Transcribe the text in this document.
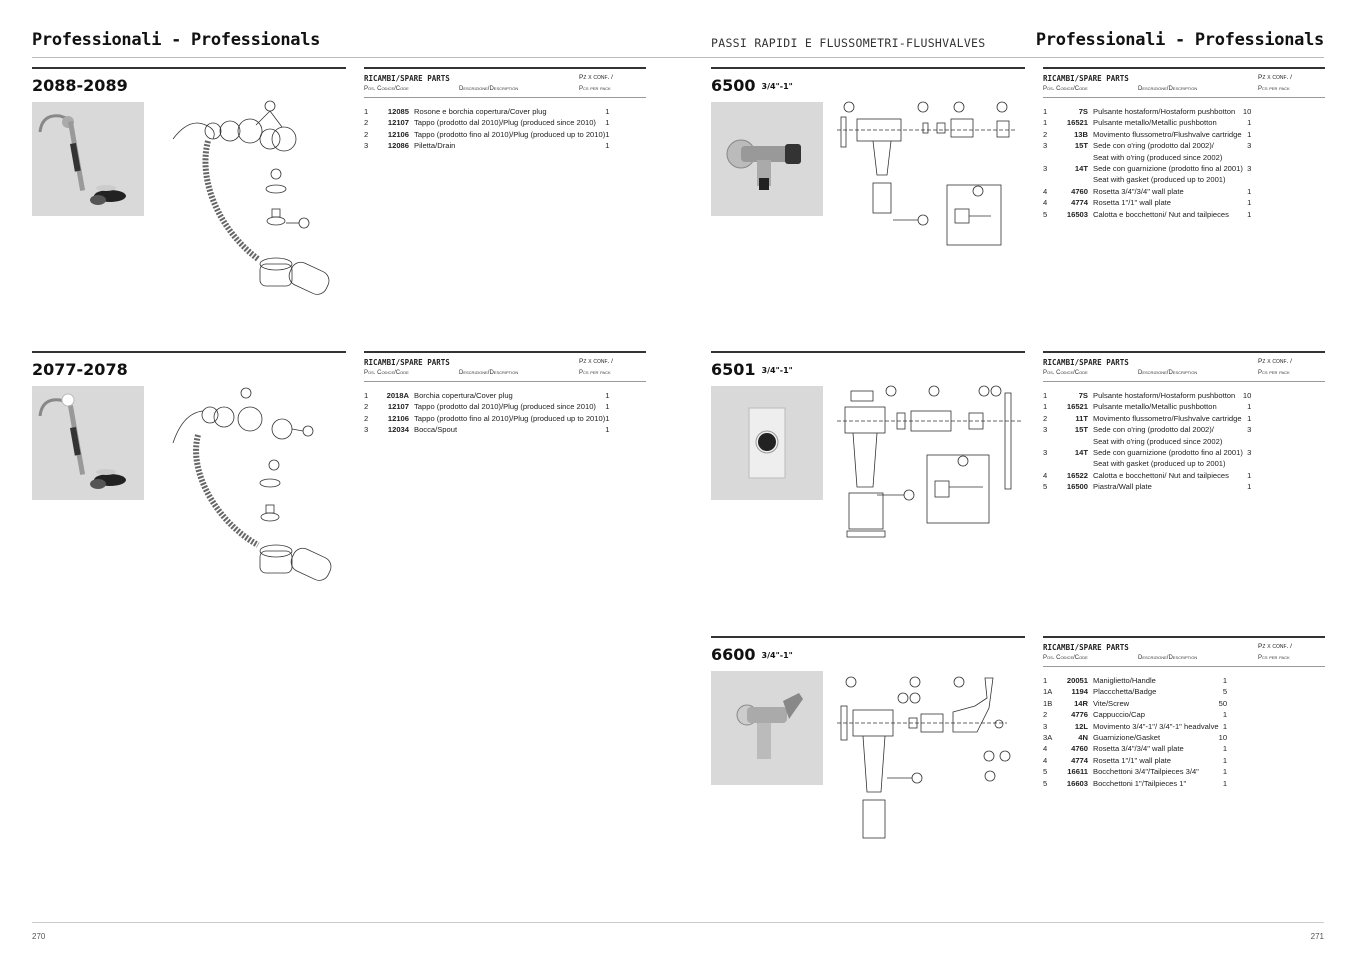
Professionali - Professionals	PASSI RAPIDI E FLUSSOMETRI-FLUSHVALVES	Professionali - Professionals
2088-2089	RICAMBI/SPARE PARTS	Pz x conf. /
Pos. Codice/Code	Descrizione/Description	Pcs per pack
1	12085	Rosone e borchia copertura/Cover plug	1
2	12107	Tappo (prodotto dal 2010)/Plug (produced since 2010)	1
2	12106	Tappo (prodotto fino al 2010)/Plug (produced up to 2010)	1
3	12086	Piletta/Drain	1
2077-2078	RICAMBI/SPARE PARTS	Pz x conf. /
Pos. Codice/Code	Descrizione/Description	Pcs per pack
1	2018A	Borchia copertura/Cover plug	1
2	12107	Tappo (prodotto dal 2010)/Plug (produced since 2010)	1
2	12106	Tappo (prodotto fino al 2010)/Plug (produced up to 2010)	1
3	12034	Bocca/Spout	1
6500 3/4"-1"
RICAMBI/SPARE PARTS	Pz x conf. /
Pos. Codice/Code	Descrizione/Description	Pcs per pack
1	7S	Pulsante hostaform/Hostaform pushbotton	10
1	16521	Pulsante metallo/Metallic pushbotton	1
2	13B	Movimento flussometro/Flushvalve cartridge	1
3	15T	Sede con o'ring (prodotto dal 2002)/	3
		Seat with o'ring (produced since 2002)	
3	14T	Sede con guarnizione (prodotto fino al 2001)	3
		Seat with gasket (produced up to 2001)	
4	4760	Rosetta 3/4"/3/4" wall plate	1
4	4774	Rosetta 1"/1" wall plate	1
5	16503	Calotta e bocchettoni/ Nut and tailpieces	1
6501 3/4"-1"
RICAMBI/SPARE PARTS	Pz x conf. /
Pos. Codice/Code	Descrizione/Description	Pcs per pack
1	7S	Pulsante hostaform/Hostaform pushbotton	10
1	16521	Pulsante metallo/Metallic pushbotton	1
2	11T	Movimento flussometro/Flushvalve cartridge	1
3	15T	Sede con o'ring (prodotto dal 2002)/	3
		Seat with o'ring (produced since 2002)	
3	14T	Sede con guarnizione (prodotto fino al 2001)	3
		Seat with gasket (produced up to 2001)	
4	16522	Calotta e bocchettoni/ Nut and tailpieces	1
5	16500	Piastra/Wall plate	1
6600 3/4"-1"
RICAMBI/SPARE PARTS	Pz x conf. /
Pos. Codice/Code	Descrizione/Description	Pcs per pack
1	20051	Maniglietto/Handle	1
1A	1194	Placcchetta/Badge	5
1B	14R	Vite/Screw	50
2	4776	Cappuccio/Cap	1
3	12L	Movimento 3/4"-1"/ 3/4"-1" headvalve	1
3A	4N	Guarnizione/Gasket	10
4	4760	Rosetta 3/4"/3/4" wall plate	1
4	4774	Rosetta 1"/1" wall plate	1
5	16611	Bocchettoni 3/4"/Tailpieces 3/4"	1
5	16603	Bocchettoni 1"/Tailpieces 1"	1
270	271
